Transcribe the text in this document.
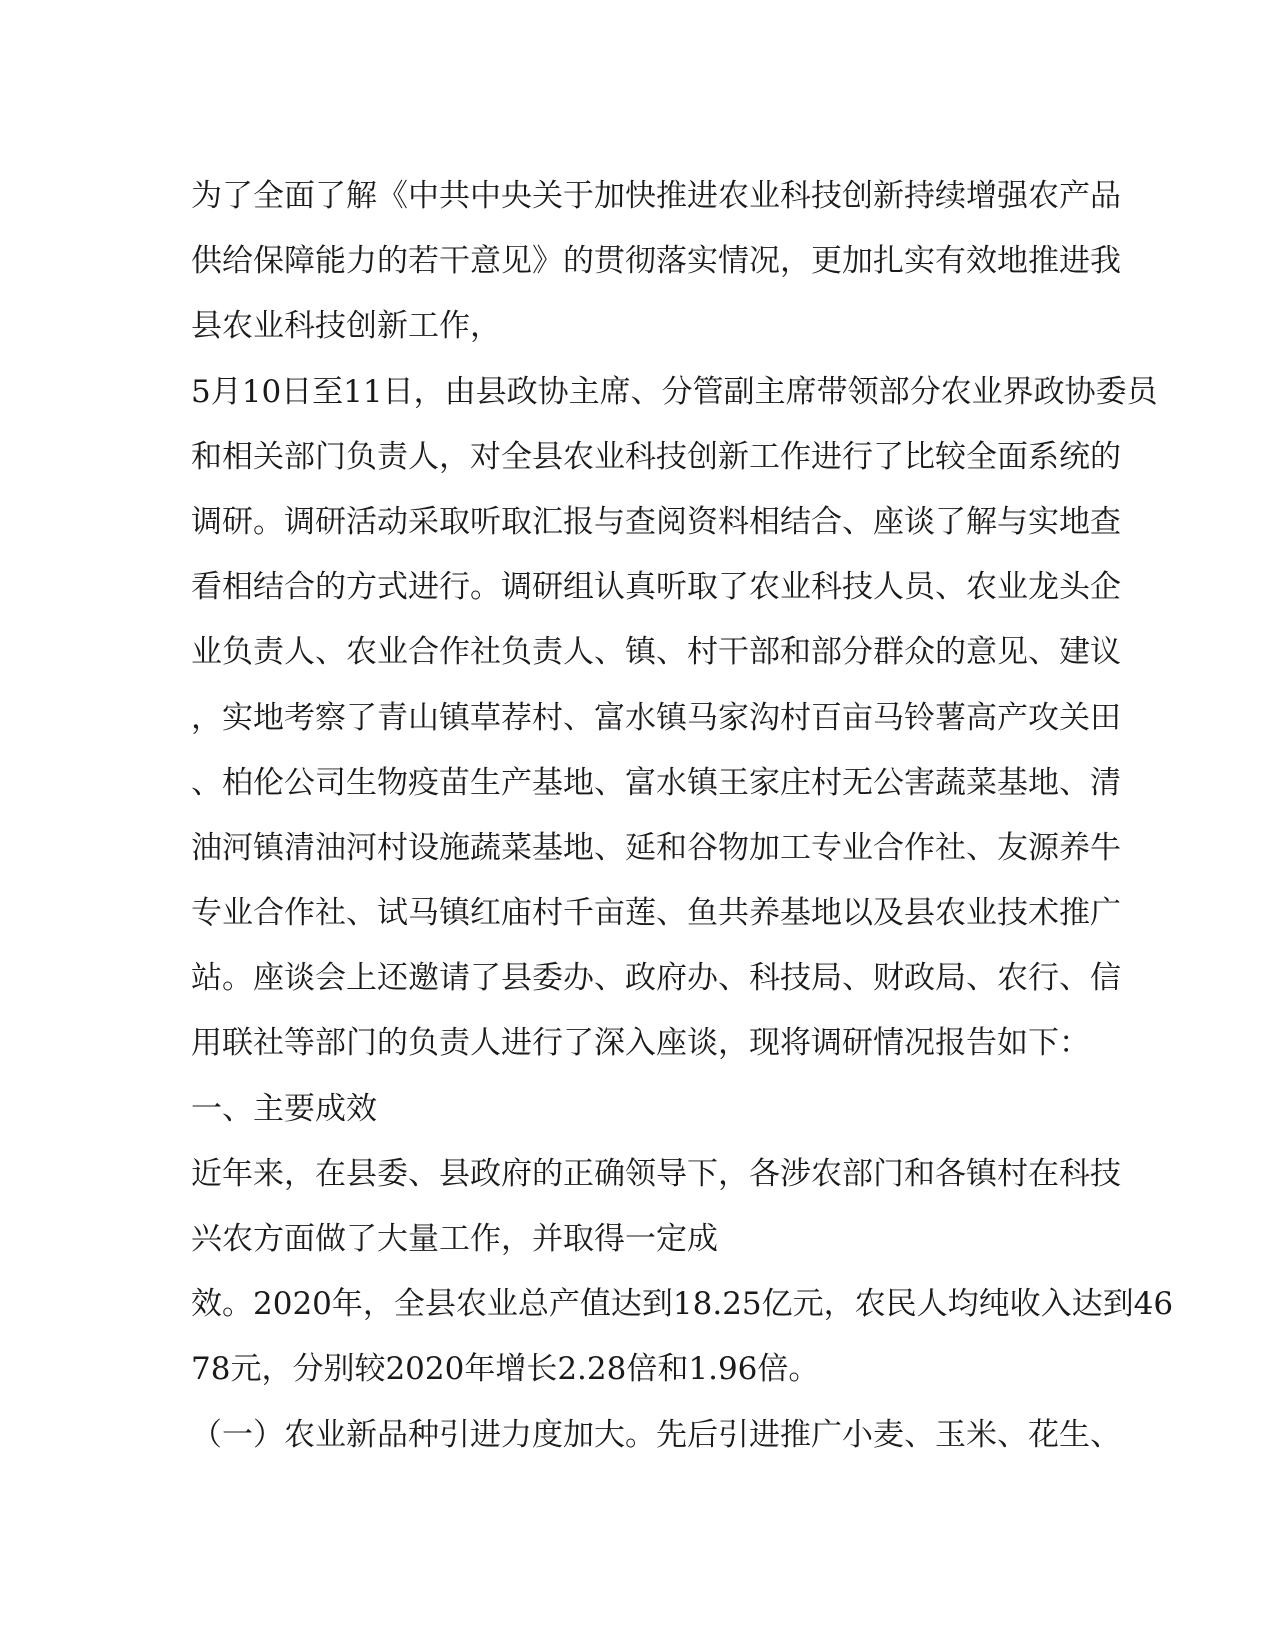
为了全面了解《中共中央关于加快推进农业科技创新持续增强农产品
供给保障能力的若干意见》的贯彻落实情况，更加扎实有效地推进我
县农业科技创新工作，
5月10日至11日，由县政协主席、分管副主席带领部分农业界政协委员
和相关部门负责人，对全县农业科技创新工作进行了比较全面系统的
调研。调研活动采取听取汇报与查阅资料相结合、座谈了解与实地查
看相结合的方式进行。调研组认真听取了农业科技人员、农业龙头企
业负责人、农业合作社负责人、镇、村干部和部分群众的意见、建议
，实地考察了青山镇草荐村、富水镇马家沟村百亩马铃薯高产攻关田
、柏伦公司生物疫苗生产基地、富水镇王家庄村无公害蔬菜基地、清
油河镇清油河村设施蔬菜基地、延和谷物加工专业合作社、友源养牛
专业合作社、试马镇红庙村千亩莲、鱼共养基地以及县农业技术推广
站。座谈会上还邀请了县委办、政府办、科技局、财政局、农行、信
用联社等部门的负责人进行了深入座谈，现将调研情况报告如下：
一、主要成效
近年来，在县委、县政府的正确领导下，各涉农部门和各镇村在科技
兴农方面做了大量工作，并取得一定成
效。2020年，全县农业总产值达到18.25亿元，农民人均纯收入达到46
78元，分别较2020年增长2.28倍和1.96倍。
（一）农业新品种引进力度加大。先后引进推广小麦、玉米、花生、
